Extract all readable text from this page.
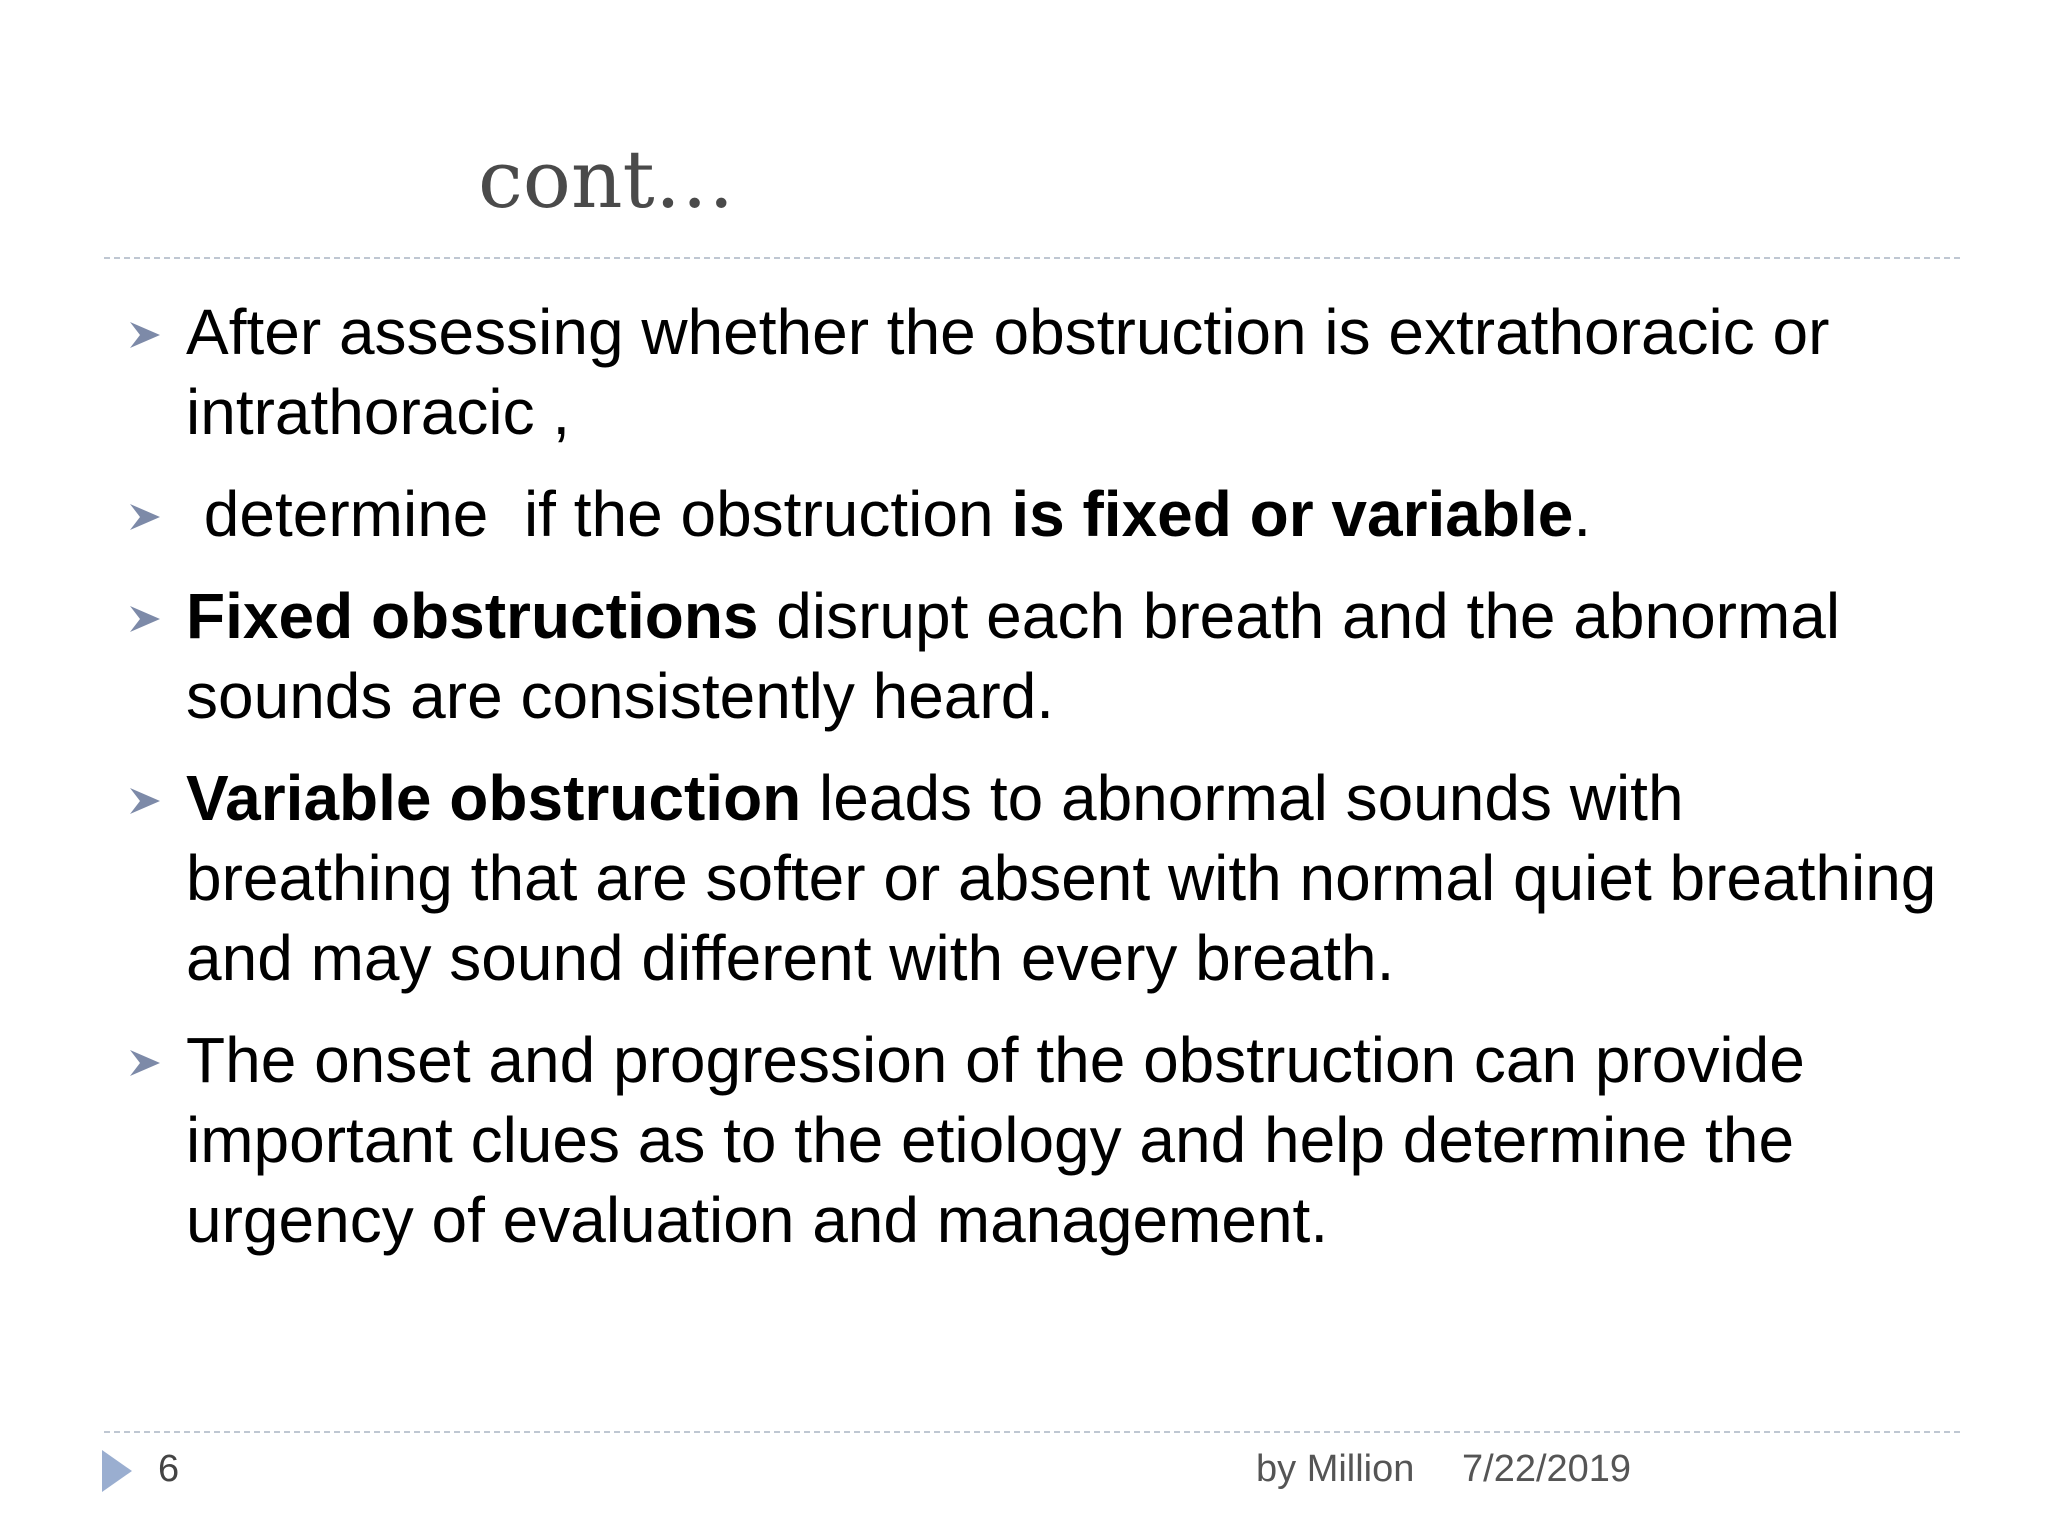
cont…
After assessing whether the obstruction is extrathoracic or intrathoracic ,
determine  if the obstruction is fixed or variable.
Fixed obstructions disrupt each breath and the abnormal sounds are consistently heard.
Variable obstruction leads to abnormal sounds with breathing that are softer or absent with normal quiet breathing and may sound different with every breath.
The onset and progression of the obstruction can provide important clues as to the etiology and help determine the urgency of evaluation and management.
6	by Million 7/22/2019
